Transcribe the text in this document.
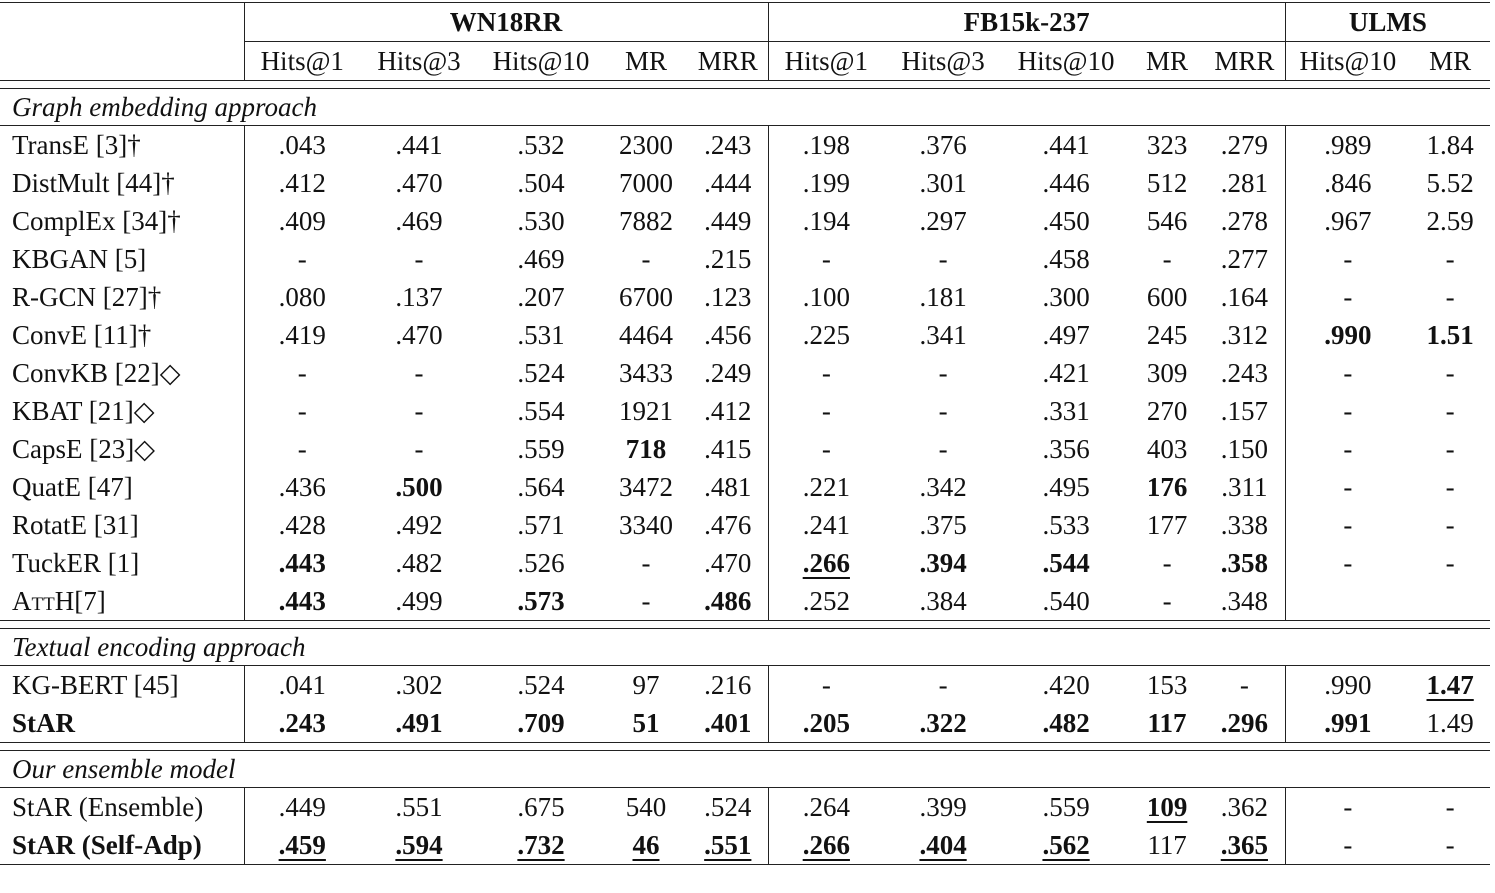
	WN18RR					FB15k-237					ULMS	
	Hits@1	Hits@3	Hits@10	MR	MRR	Hits@1	Hits@3	Hits@10	MR	MRR	Hits@10	MR

Graph embedding approach												
TransE [3]†	.043	.441	.532	2300	.243	.198	.376	.441	323	.279	.989	1.84
DistMult [44]†	.412	.470	.504	7000	.444	.199	.301	.446	512	.281	.846	5.52
ComplEx [34]†	.409	.469	.530	7882	.449	.194	.297	.450	546	.278	.967	2.59
KBGAN [5]	-	-	.469	-	.215	-	-	.458	-	.277	-	-
R-GCN [27]†	.080	.137	.207	6700	.123	.100	.181	.300	600	.164	-	-
ConvE [11]†	.419	.470	.531	4464	.456	.225	.341	.497	245	.312	.990	1.51
ConvKB [22]◇	-	-	.524	3433	.249	-	-	.421	309	.243	-	-
KBAT [21]◇	-	-	.554	1921	.412	-	-	.331	270	.157	-	-
CapsE [23]◇	-	-	.559	718	.415	-	-	.356	403	.150	-	-
QuatE [47]	.436	.500	.564	3472	.481	.221	.342	.495	176	.311	-	-
RotatE [31]	.428	.492	.571	3340	.476	.241	.375	.533	177	.338	-	-
TuckER [1]	.443	.482	.526	-	.470	.266	.394	.544	-	.358	-	-
AttH[7]	.443	.499	.573	-	.486	.252	.384	.540	-	.348		

Textual encoding approach												
KG-BERT [45]	.041	.302	.524	97	.216	-	-	.420	153	-	.990	1.47
StAR	.243	.491	.709	51	.401	.205	.322	.482	117	.296	.991	1.49

Our ensemble model												
StAR (Ensemble)	.449	.551	.675	540	.524	.264	.399	.559	109	.362	-	-
StAR (Self-Adp)	.459	.594	.732	46	.551	.266	.404	.562	117	.365	-	-
